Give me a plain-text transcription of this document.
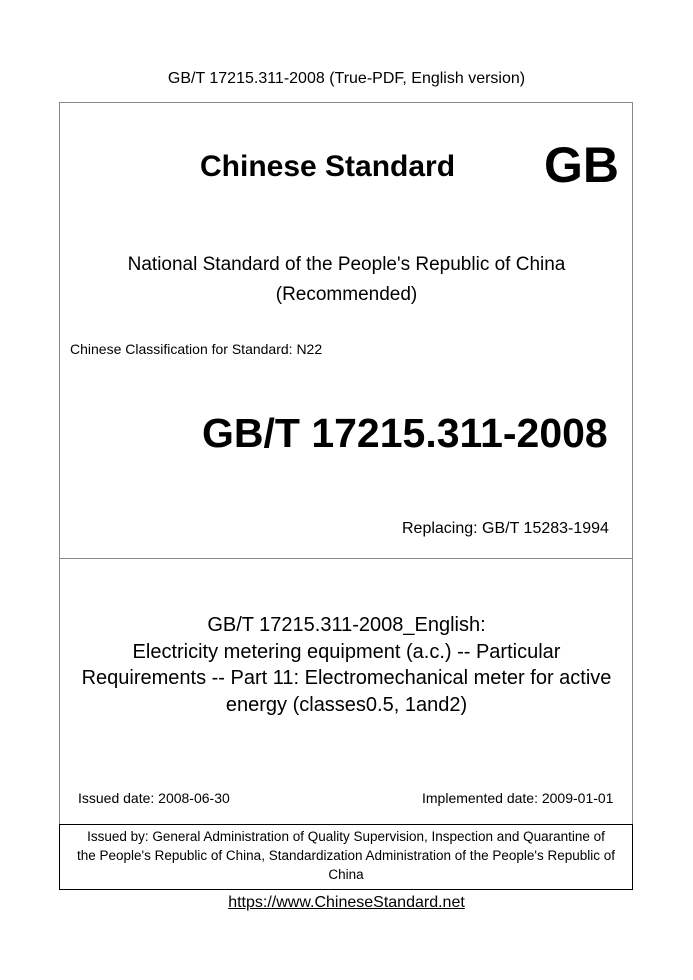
GB/T 17215.311-2008 (True-PDF, English version)
Chinese Standard GB
National Standard of the People's Republic of China
(Recommended)
Chinese Classification for Standard: N22
GB/T 17215.311-2008
Replacing: GB/T 15283-1994
GB/T 17215.311-2008_English:
Electricity metering equipment (a.c.) -- Particular
Requirements -- Part 11: Electromechanical meter for active
energy (classes0.5, 1and2)
Issued date: 2008-06-30	Implemented date: 2009-01-01
Issued by: General Administration of Quality Supervision, Inspection and Quarantine of
the People's Republic of China, Standardization Administration of the People's Republic of
China
https://www.ChineseStandard.net
